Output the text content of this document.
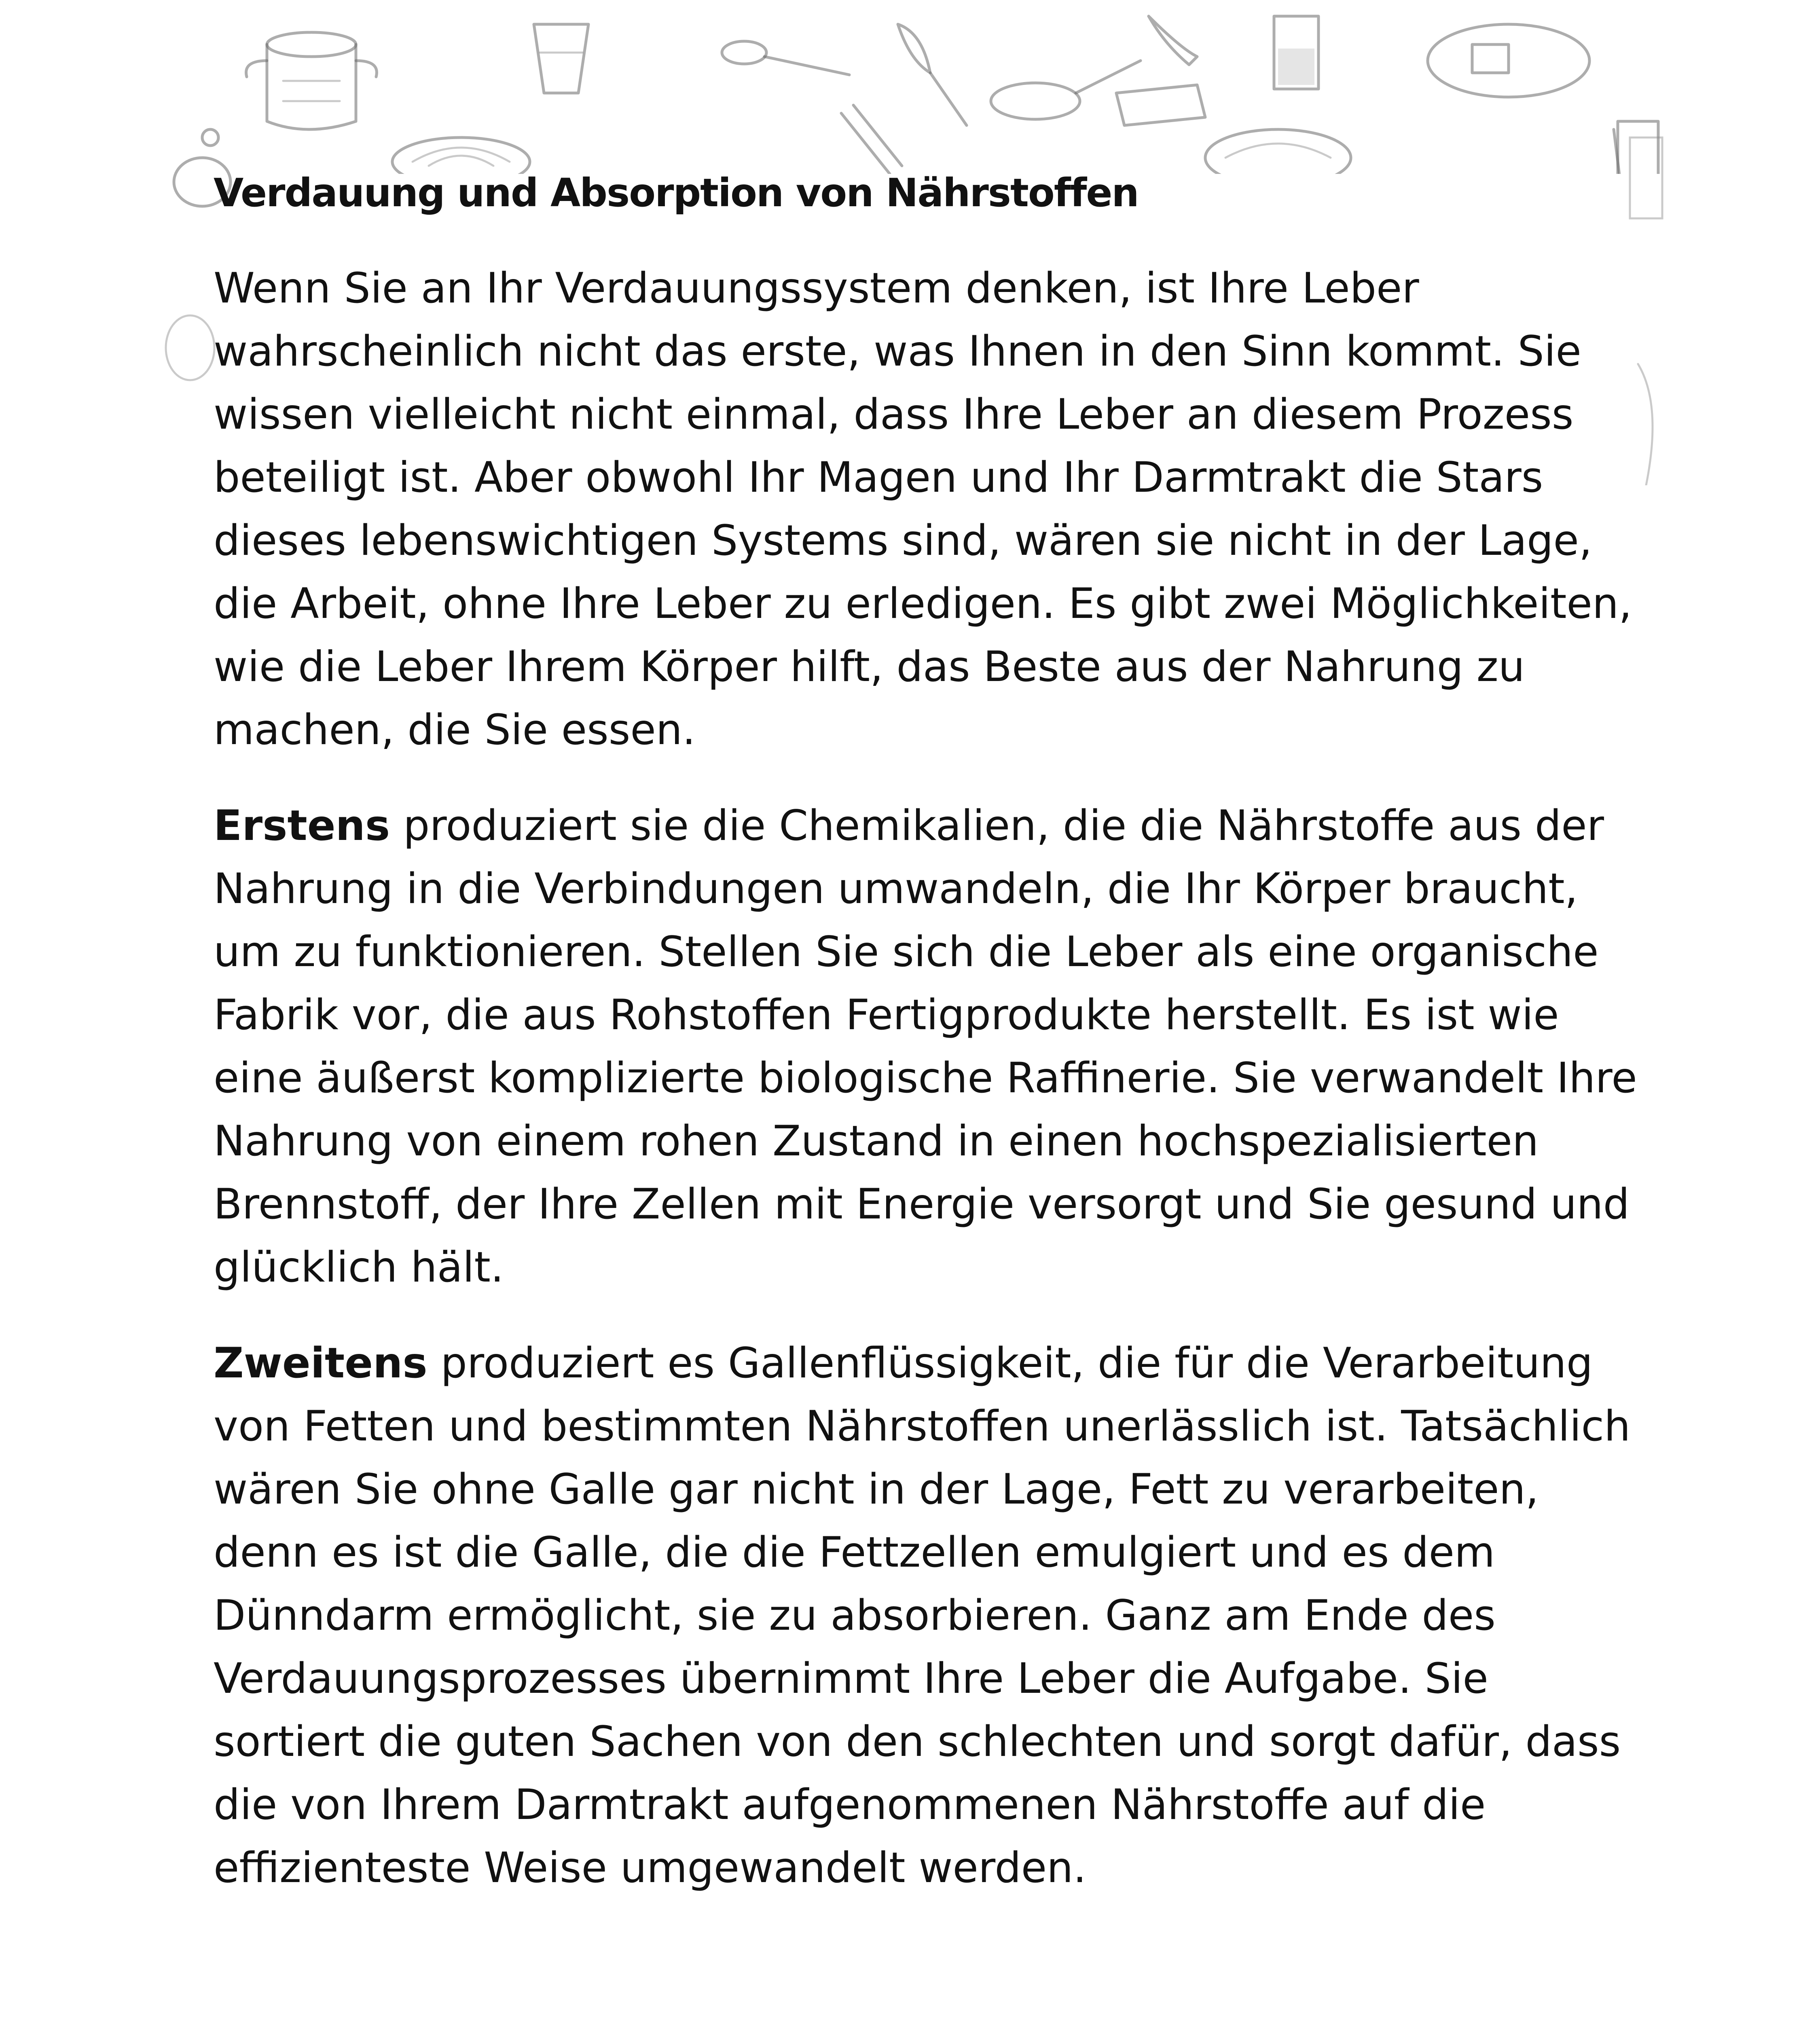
Verdauung und Absorption von Nährstoffen

Wenn Sie an Ihr Verdauungssystem denken, ist Ihre Leber wahrscheinlich nicht das erste, was Ihnen in den Sinn kommt. Sie wissen vielleicht nicht einmal, dass Ihre Leber an diesem Prozess beteiligt ist. Aber obwohl Ihr Magen und Ihr Darmtrakt die Stars dieses lebenswichtigen Systems sind, wären sie nicht in der Lage, die Arbeit, ohne Ihre Leber zu erledigen. Es gibt zwei Möglichkeiten, wie die Leber Ihrem Körper hilft, das Beste aus der Nahrung zu machen, die Sie essen.

Erstens produziert sie die Chemikalien, die die Nährstoffe aus der Nahrung in die Verbindungen umwandeln, die Ihr Körper braucht, um zu funktionieren. Stellen Sie sich die Leber als eine organische Fabrik vor, die aus Rohstoffen Fertigprodukte herstellt. Es ist wie eine äußerst komplizierte biologische Raffinerie. Sie verwandelt Ihre Nahrung von einem rohen Zustand in einen hochspezialisierten Brennstoff, der Ihre Zellen mit Energie versorgt und Sie gesund und glücklich hält.

Zweitens produziert es Gallenflüssigkeit, die für die Verarbeitung von Fetten und bestimmten Nährstoffen unerlässlich ist. Tatsächlich wären Sie ohne Galle gar nicht in der Lage, Fett zu verarbeiten, denn es ist die Galle, die die Fettzellen emulgiert und es dem Dünndarm ermöglicht, sie zu absorbieren. Ganz am Ende des Verdauungsprozesses übernimmt Ihre Leber die Aufgabe. Sie sortiert die guten Sachen von den schlechten und sorgt dafür, dass die von Ihrem Darmtrakt aufgenommenen Nährstoffe auf die effizienteste Weise umgewandelt werden.
